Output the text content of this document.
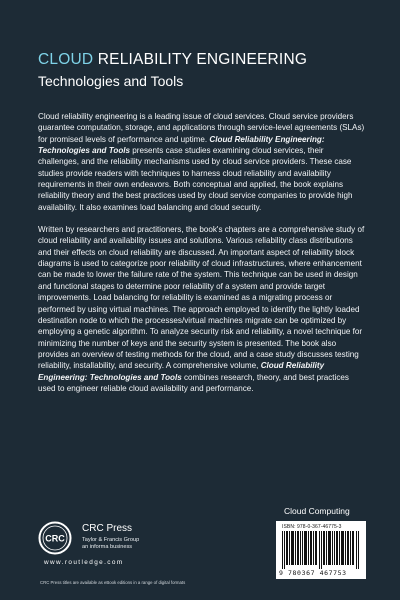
CLOUD RELIABILITY ENGINEERING
Technologies and Tools

Cloud reliability engineering is a leading issue of cloud services. Cloud service providers guarantee computation, storage, and applications through service-level agreements (SLAs) for promised levels of performance and uptime. Cloud Reliability Engineering: Technologies and Tools presents case studies examining cloud services, their challenges, and the reliability mechanisms used by cloud service providers. These case studies provide readers with techniques to harness cloud reliability and availability requirements in their own endeavors. Both conceptual and applied, the book explains reliability theory and the best practices used by cloud service companies to provide high availability. It also examines load balancing and cloud security.

Written by researchers and practitioners, the book's chapters are a comprehensive study of cloud reliability and availability issues and solutions. Various reliability class distributions and their effects on cloud reliability are discussed. An important aspect of reliability block diagrams is used to categorize poor reliability of cloud infrastructures, where enhancement can be made to lower the failure rate of the system. This technique can be used in design and functional stages to determine poor reliability of a system and provide target improvements. Load balancing for reliability is examined as a migrating process or performed by using virtual machines. The approach employed to identify the lightly loaded destination node to which the processes/virtual machines migrate can be optimized by employing a genetic algorithm. To analyze security risk and reliability, a novel technique for minimizing the number of keys and the security system is presented. The book also provides an overview of testing methods for the cloud, and a case study discusses testing reliability, installability, and security. A comprehensive volume, Cloud Reliability Engineering: Technologies and Tools combines research, theory, and best practices used to engineer reliable cloud availability and performance.

Cloud Computing
ISBN: 978-0-367-46775-3
9 780367 467753
CRC
CRC Press
Taylor & Francis Group
an informa business
www.routledge.com
CRC Press titles are available as eBook editions in a range of digital formats
